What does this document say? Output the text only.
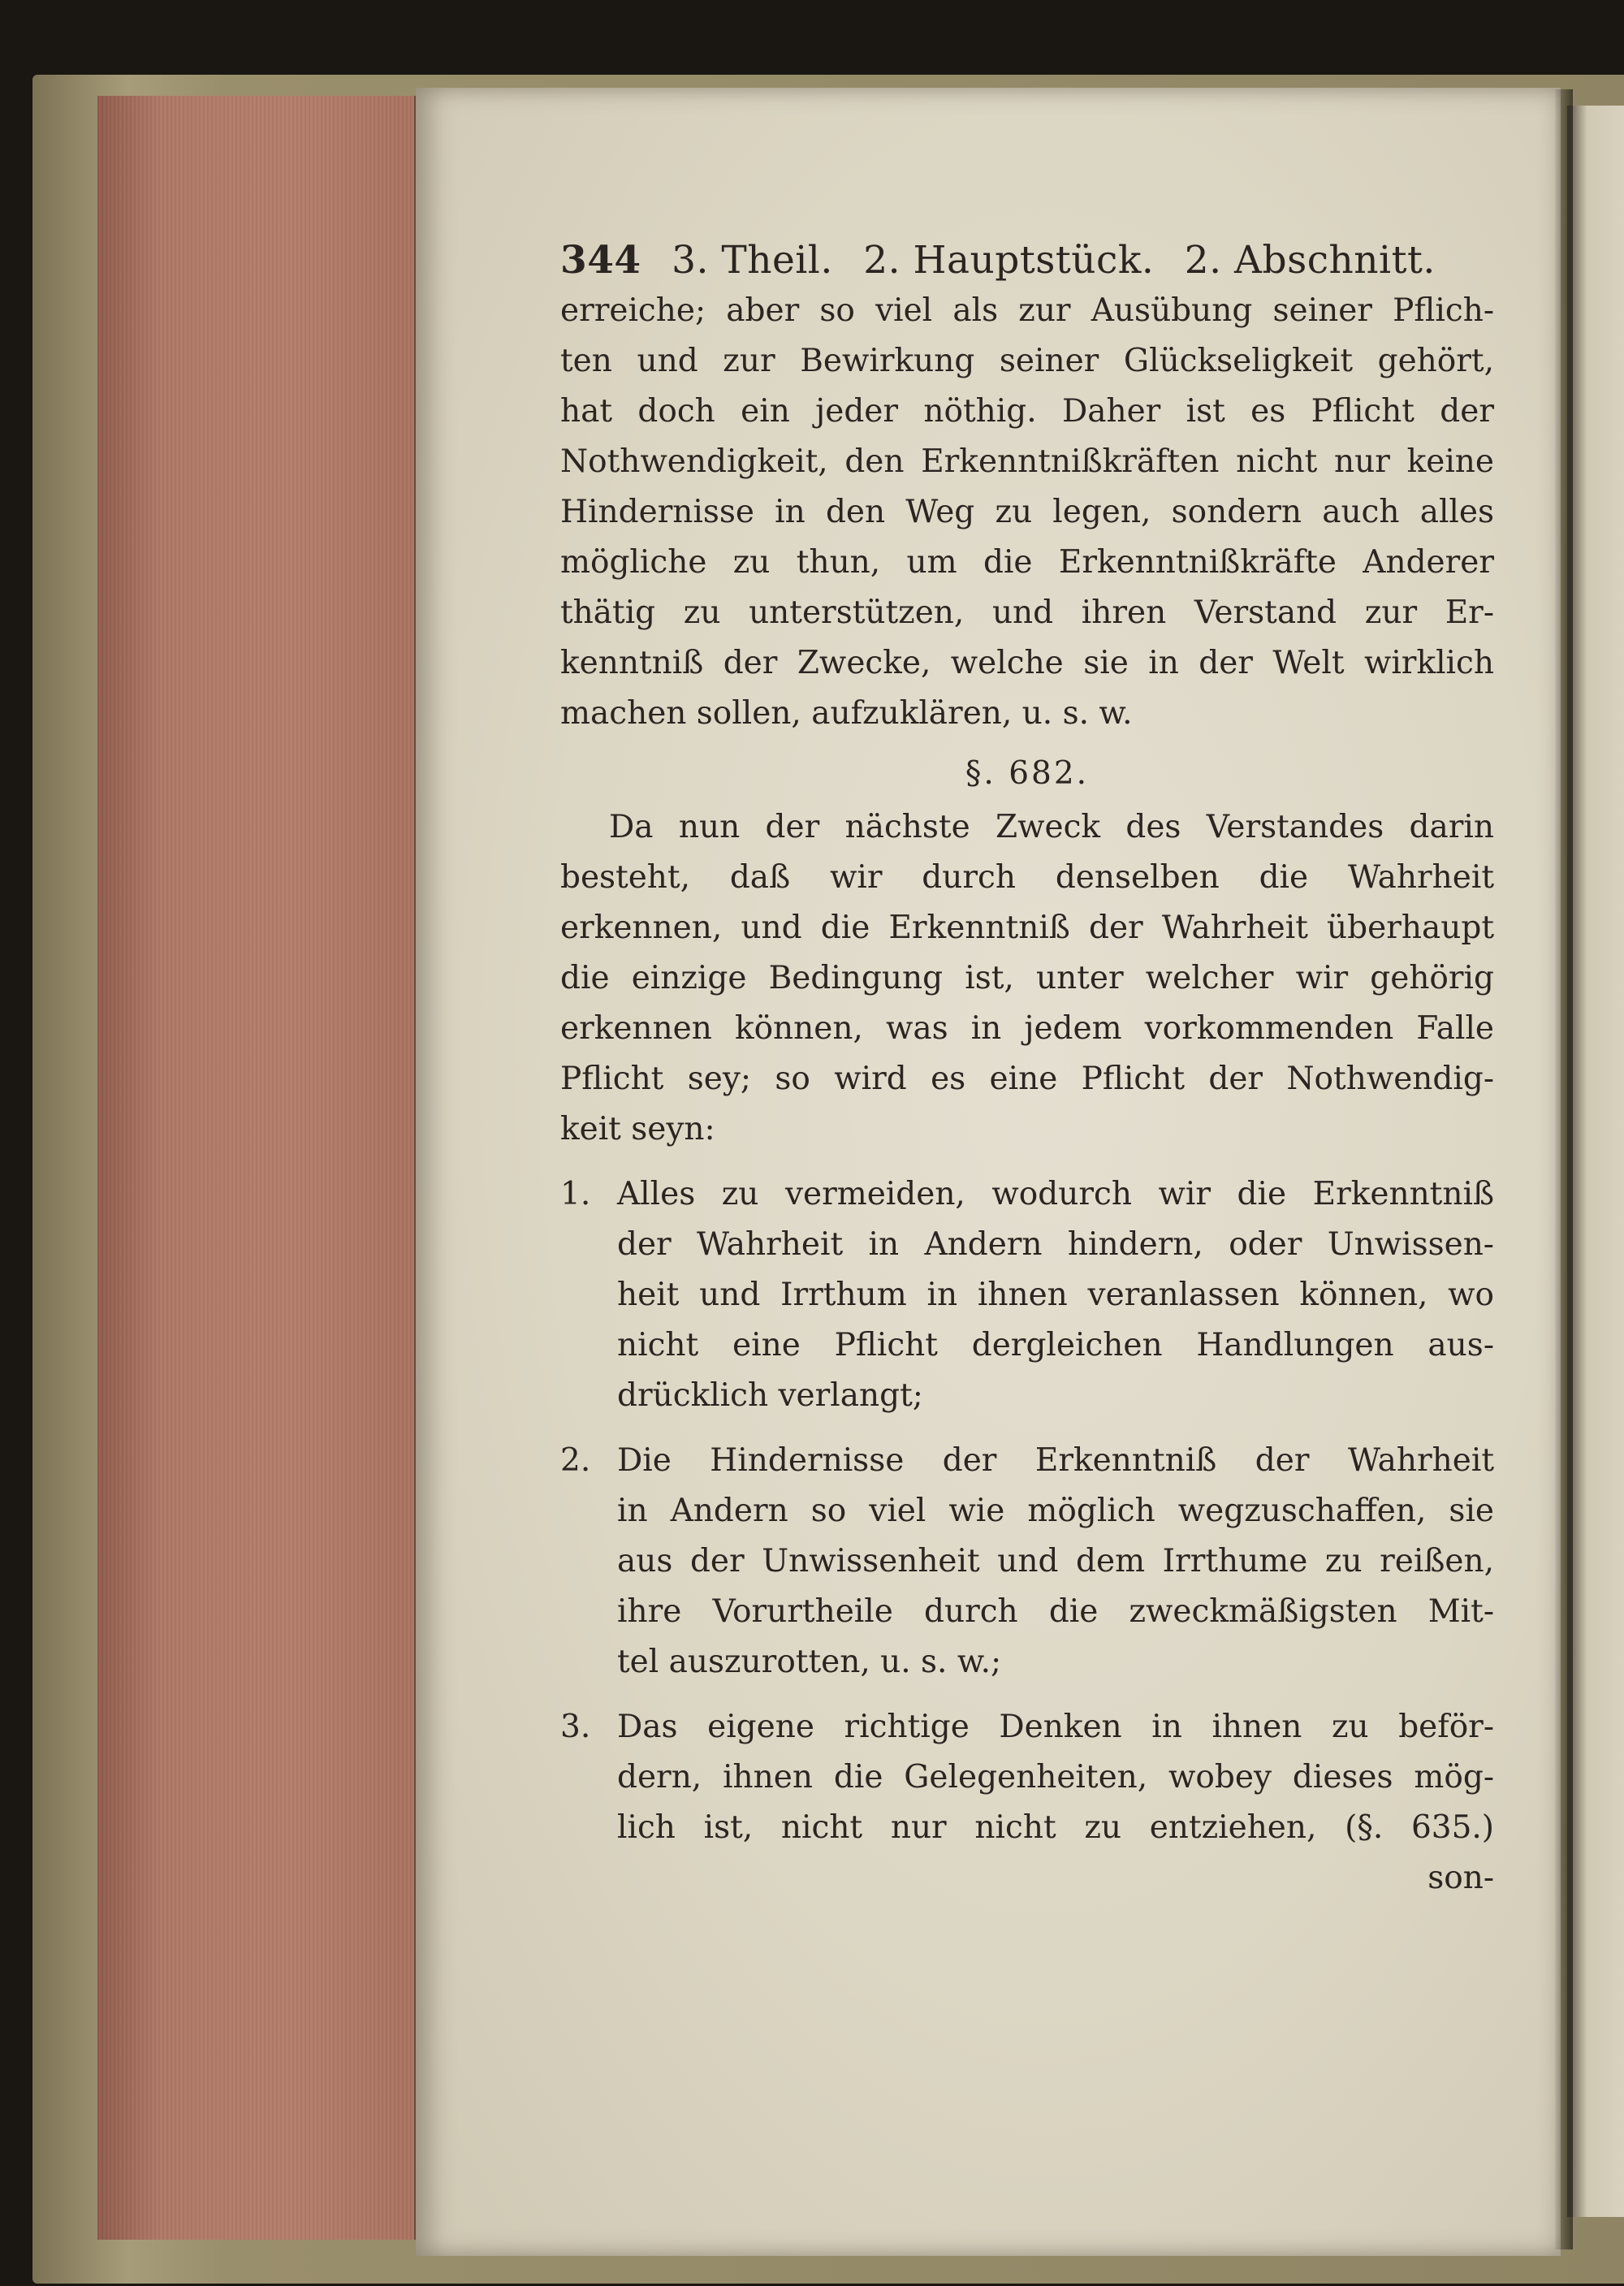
344 3. Theil. 2. Hauptstück. 2. Abschnitt.
erreiche; aber so viel als zur Ausübung seiner Pflich-
ten und zur Bewirkung seiner Glückseligkeit gehört,
hat doch ein jeder nöthig. Daher ist es Pflicht der
Nothwendigkeit, den Erkenntnißkräften nicht nur keine
Hindernisse in den Weg zu legen, sondern auch alles
mögliche zu thun, um die Erkenntnißkräfte Anderer
thätig zu unterstützen, und ihren Verstand zur Er-
kenntniß der Zwecke, welche sie in der Welt wirklich
machen sollen, aufzuklären, u. s. w.
§. 682.
Da nun der nächste Zweck des Verstandes darin
besteht, daß wir durch denselben die Wahrheit
erkennen, und die Erkenntniß der Wahrheit überhaupt
die einzige Bedingung ist, unter welcher wir gehörig
erkennen können, was in jedem vorkommenden Falle
Pflicht sey; so wird es eine Pflicht der Nothwendig-
keit seyn:
1. Alles zu vermeiden, wodurch wir die Erkenntniß
der Wahrheit in Andern hindern, oder Unwissen-
heit und Irrthum in ihnen veranlassen können, wo
nicht eine Pflicht dergleichen Handlungen aus-
drücklich verlangt;
2. Die Hindernisse der Erkenntniß der Wahrheit
in Andern so viel wie möglich wegzuschaffen, sie
aus der Unwissenheit und dem Irrthume zu reißen,
ihre Vorurtheile durch die zweckmäßigsten Mit-
tel auszurotten, u. s. w.;
3. Das eigene richtige Denken in ihnen zu beför-
dern, ihnen die Gelegenheiten, wobey dieses mög-
lich ist, nicht nur nicht zu entziehen, (§. 635.)
son-
